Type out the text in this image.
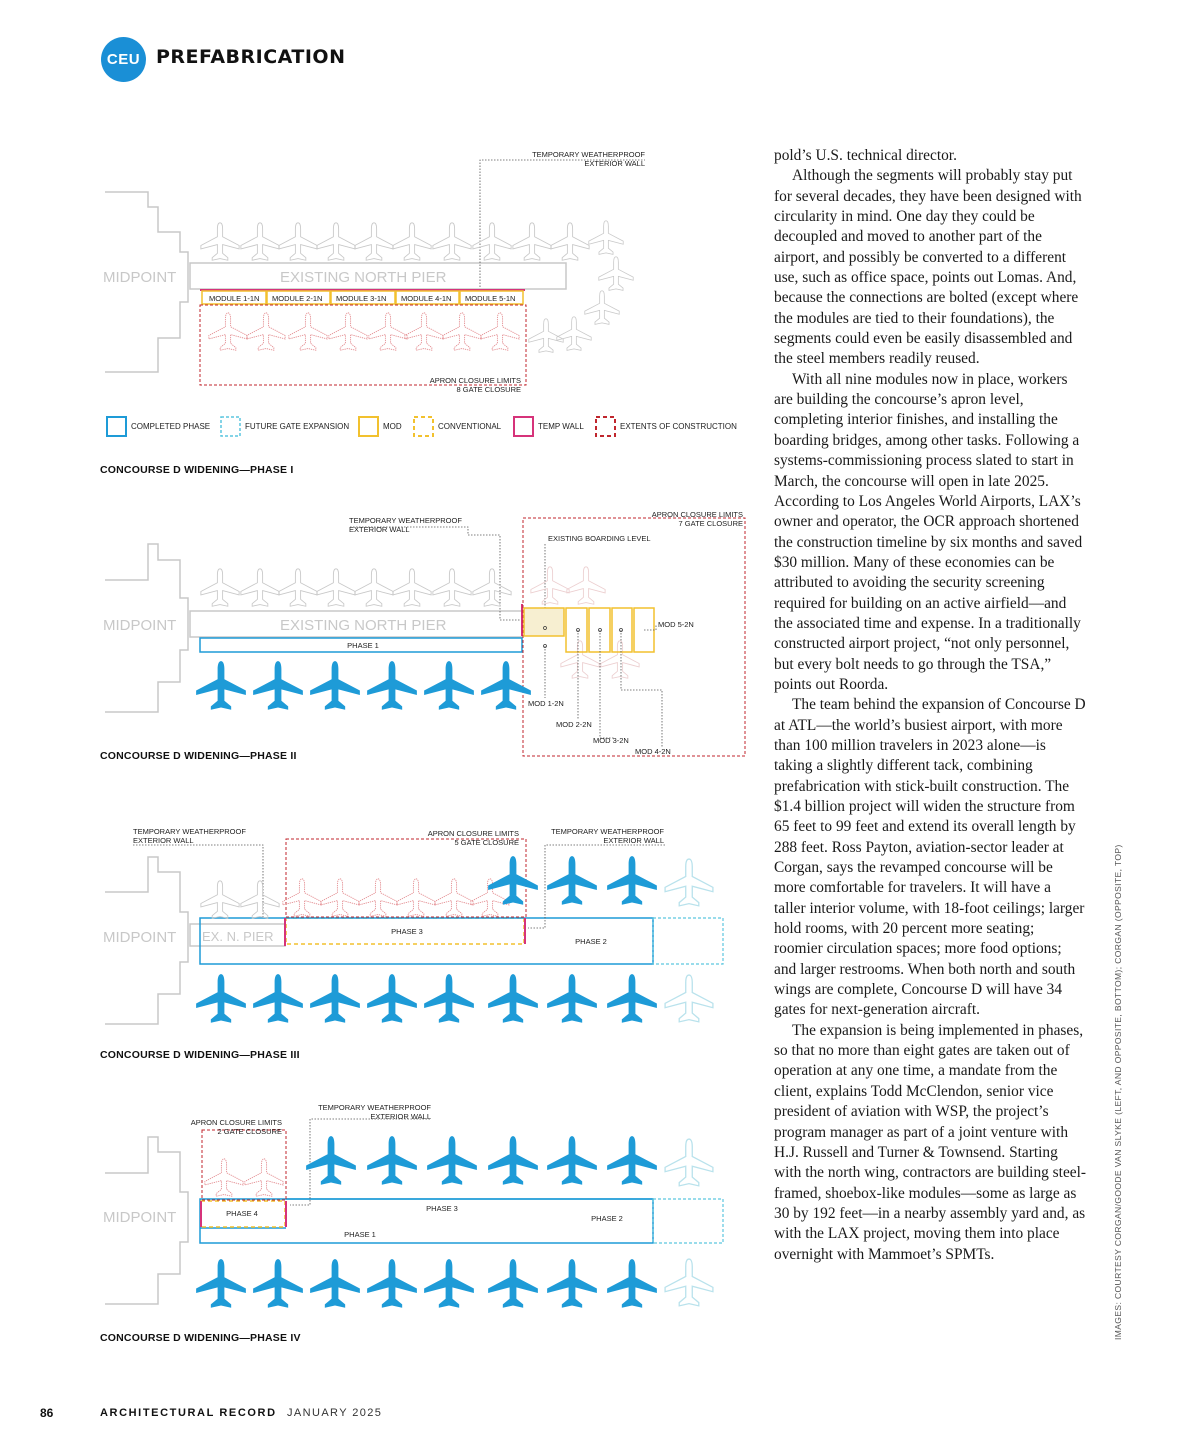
CEU PREFABRICATION
MIDPOINT	EXISTING NORTH PIER
MODULE 1-1N MODULE 2-1N MODULE 3-1N MODULE 4-1N MODULE 5-1N
TEMPORARY WEATHERPROOF
EXTERIOR WALL
APRON CLOSURE LIMITS
8 GATE CLOSURE
COMPLETED PHASE	FUTURE GATE EXPANSION	MOD	CONVENTIONAL	TEMP WALL	EXTENTS OF CONSTRUCTION
CONCOURSE D WIDENING—PHASE I
MIDPOINT	EXISTING NORTH PIER
PHASE 1
APRON CLOSURE LIMITS
7 GATE CLOSURE
EXISTING BOARDING LEVEL
MOD 1-2N
MOD 2-2N
MOD 3-2N
MOD 4-2N
MOD 5-2N
TEMPORARY WEATHERPROOF
EXTERIOR WALL
CONCOURSE D WIDENING—PHASE II
MIDPOINT EX. N. PIER	PHASE 3
PHASE 2
APRON CLOSURE LIMITS
5 GATE CLOSURE
TEMPORARY WEATHERPROOF
EXTERIOR WALL
TEMPORARY WEATHERPROOF
EXTERIOR WALL
CONCOURSE D WIDENING—PHASE III
MIDPOINT	PHASE 4
PHASE 3
PHASE 2
PHASE 1
APRON CLOSURE LIMITS
2 GATE CLOSURE
TEMPORARY WEATHERPROOF
EXTERIOR WALL
CONCOURSE D WIDENING—PHASE IV

pold’s U.S. technical director.

Although the segments will probably stay put for several decades, they have been designed with circularity in mind. One day they could be decoupled and moved to another part of the airport, and possibly be converted to a different use, such as office space, points out Lomas. And, because the connections are bolted (except where the modules are tied to their foundations), the segments could even be easily disassembled and the steel members readily reused.

With all nine modules now in place, workers are building the concourse’s apron level, completing interior finishes, and installing the boarding bridges, among other tasks. Following a systems-commissioning process slated to start in March, the concourse will open in late 2025. According to Los Angeles World Airports, LAX’s owner and operator, the OCR approach shortened the construction timeline by six months and saved $30 million. Many of these economies can be attributed to avoiding the security screening required for building on an active airfield—and the associated time and expense. In a traditionally constructed airport project, “not only personnel, but every bolt needs to go through the TSA,” points out Roorda.

The team behind the expansion of Concourse D at ATL—the world’s busiest airport, with more than 100 million travelers in 2023 alone—is taking a slightly different tack, combining prefabrication with stick-built construction. The $1.4 billion project will widen the structure from 65 feet to 99 feet and extend its overall length by 288 feet. Ross Payton, aviation-sector leader at Corgan, says the revamped concourse will be more comfortable for travelers. It will have a taller interior volume, with 18-foot ceilings; larger hold rooms, with 20 percent more seating; roomier circulation spaces; more food options; and larger restrooms. When both north and south wings are complete, Concourse D will have 34 gates for next-generation aircraft.

The expansion is being implemented in phases, so that no more than eight gates are taken out of operation at any one time, a mandate from the client, explains Todd McClendon, senior vice president of aviation with WSP, the project’s program manager as part of a joint venture with H.J. Russell and Turner & Townsend. Starting with the north wing, contractors are building steel-framed, shoebox-like modules—some as large as 30 by 192 feet—in a nearby assembly yard and, as with the LAX project, moving them into place overnight with Mammoet’s SPMTs.	IMAGES: COURTESY CORGAN/GOODE VAN SLYKE (LEFT, AND OPPOSITE, BOTTOM); CORGAN (OPPOSITE, TOP)
86	ARCHITECTURAL RECORD JANUARY 2025
